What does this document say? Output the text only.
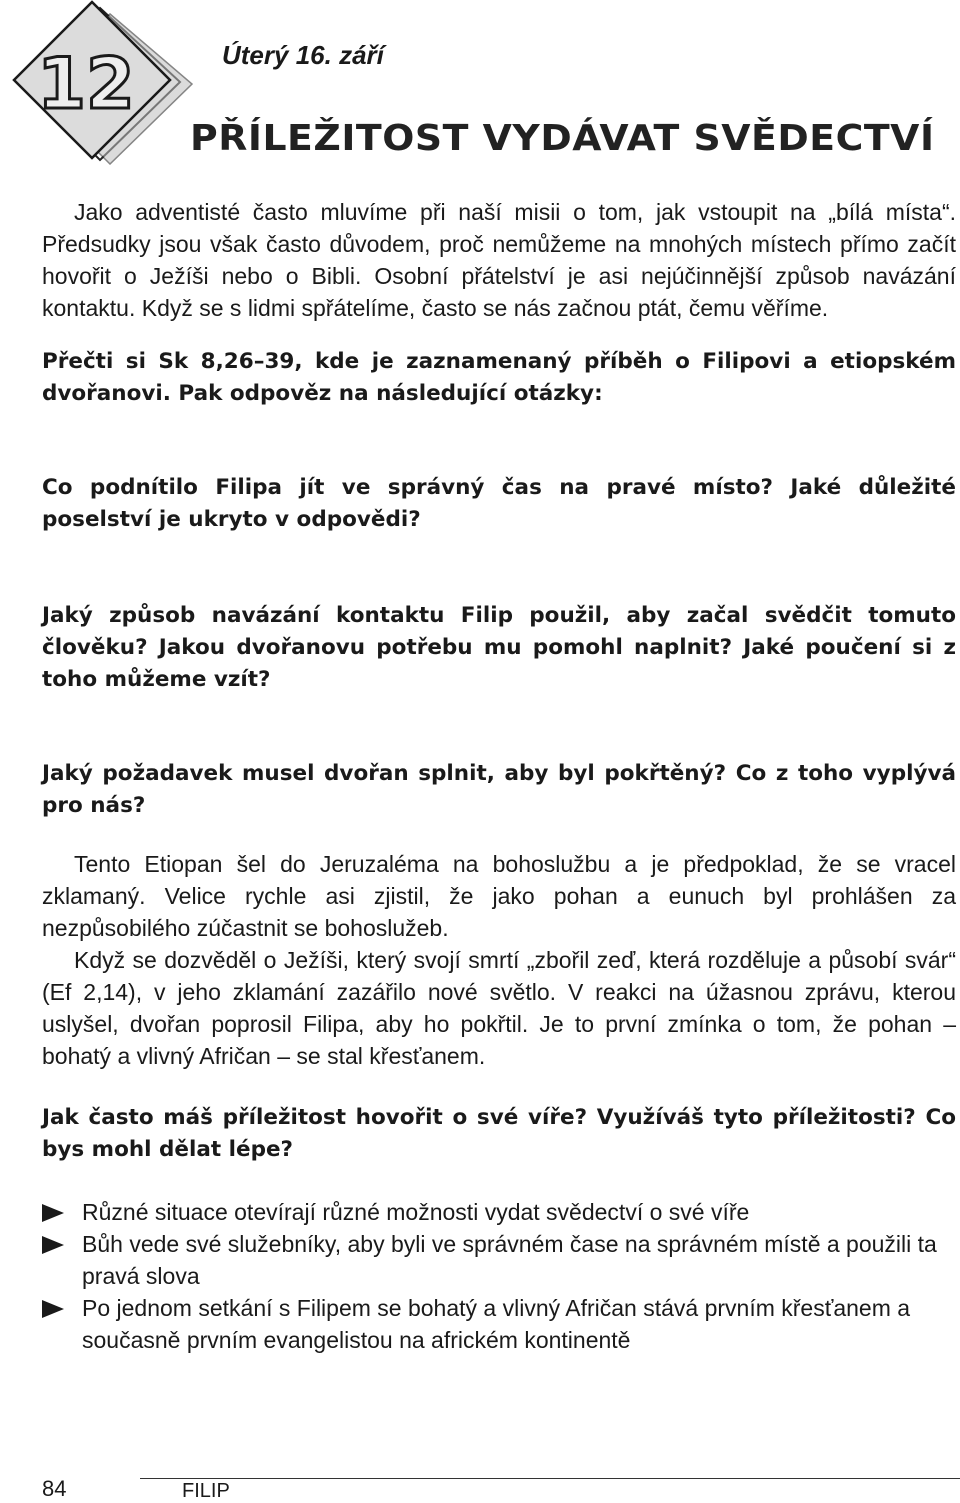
12	Úterý 16. září

PŘÍLEŽITOST VYDÁVAT SVĚDECTVÍ

Jako adventisté často mluvíme při naší misii o tom, jak vstoupit na „bílá místa“. Předsudky jsou však často důvodem, proč nemůžeme na mnohých místech přímo začít hovořit o Ježíši nebo o Bibli. Osobní přátelství je asi nejúčinnější způsob navázání kontaktu. Když se s lidmi spřátelíme, často se nás začnou ptát, čemu věříme.

Přečti si Sk 8,26–39, kde je zaznamenaný příběh o Filipovi a etiopském dvořanovi. Pak odpověz na následující otázky:

Co podnítilo Filipa jít ve správný čas na pravé místo? Jaké důležité poselství je ukryto v odpovědi?

Jaký způsob navázání kontaktu Filip použil, aby začal svědčit tomuto člověku? Jakou dvořanovu potřebu mu pomohl naplnit? Jaké poučení si z toho můžeme vzít?

Jaký požadavek musel dvořan splnit, aby byl pokřtěný? Co z toho vyplývá pro nás?

Tento Etiopan šel do Jeruzaléma na bohoslužbu a je předpoklad, že se vracel zklamaný. Velice rychle asi zjistil, že jako pohan a eunuch byl prohlášen za nezpůsobilého zúčastnit se bohoslužeb.

Když se dozvěděl o Ježíši, který svojí smrtí „zbořil zeď, která rozděluje a působí svár“ (Ef 2,14), v jeho zklamání zazářilo nové světlo. V reakci na úžasnou zprávu, kterou uslyšel, dvořan poprosil Filipa, aby ho pokřtil. Je to první zmínka o tom, že pohan – bohatý a vlivný Afričan – se stal křesťanem.

Jak často máš příležitost hovořit o své víře? Využíváš tyto příležitosti? Co bys mohl dělat lépe?

Různé situace otevírají různé možnosti vydat svědectví o své víře
Bůh vede své služebníky, aby byli ve správném čase na správném místě a použili ta pravá slova
Po jednom setkání s Filipem se bohatý a vlivný Afričan stává prvním křesťanem a současně prvním evangelistou na africkém kontinentě
84	FILIP
